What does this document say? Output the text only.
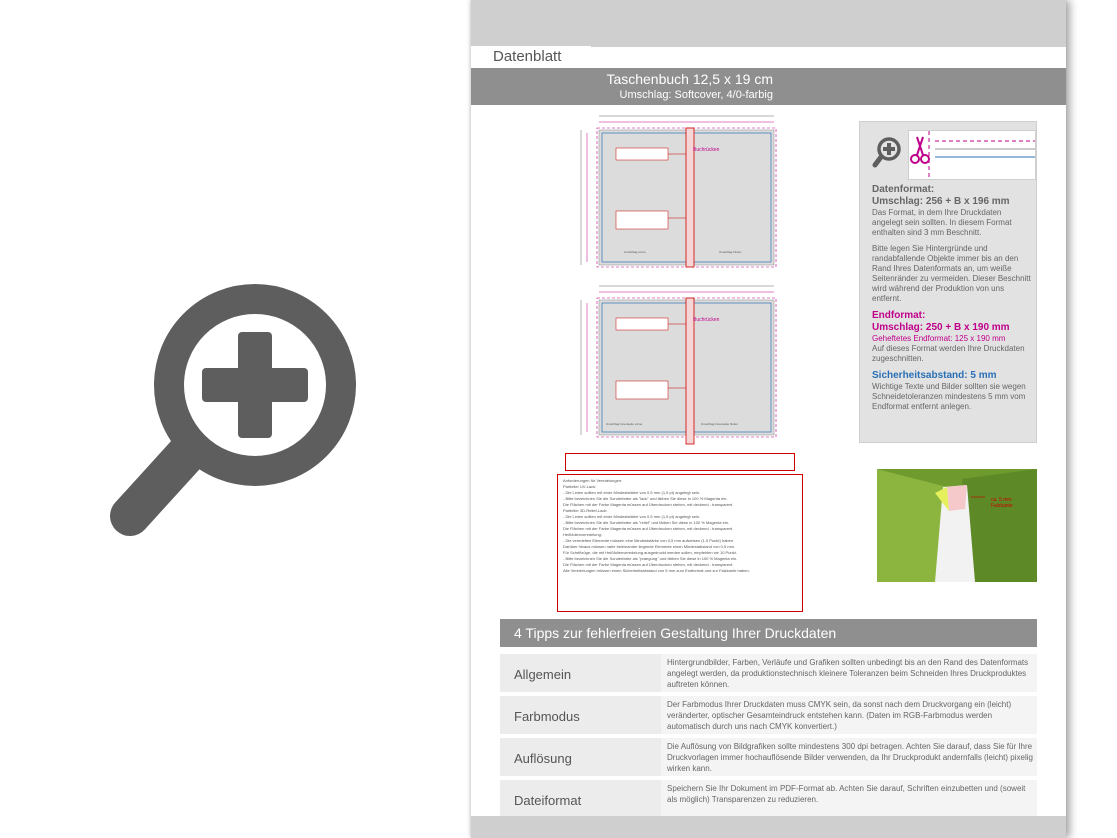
Datenblatt
Taschenbuch 12,5 x 19 cm
Umschlag: Softcover, 4/0-farbig
Buchrücken
Umschlag vorne	Umschlag hinten
Buchrücken
Umschlag Innenseite vorne	Umschlag Innenseite hinten
Anforderungen für Veredelungen:
Partieller UV-Lack:
- Die Linien sollten mit einer Mindeststärke von 0,5 mm (1,5 pt) angelegt sein.
- Bitte bezeichnen Sie die Sonderfarbe als "lack" und färben Sie diese in 100 % Magenta ein.
Die Flächen mit der Farbe Magenta müssen auf Überdrucken stehen, mit deckend - transparent
Partieller 3D-Relief-Lack:
- Die Linien sollten mit einer Mindeststärke von 0,5 mm (1,5 pt) angelegt sein.
- Bitte bezeichnen Sie die Sonderfarbe als "relief" und färben Sie diese in 100 % Magenta ein.
Die Flächen mit der Farbe Magenta müssen auf Überdrucken stehen, mit deckend - transparent
Heißfolienveredelung:
- Die veredelten Elemente müssen eine Mindeststärke von 0,5 mm aufweisen (1,5 Punkt) haben.
Darüber hinaus müssen nahe beieinander liegende Elemente einen Mindestabstand von 0,5 mm.
Für Schriftzüge, die mit Heißfolienveredelung ausgedruckt werden sollen, empfehlen wir 10 Punkt.
- Bitte bezeichnen Sie die Sonderfarbe als "praegung" und färben Sie diese in 100 % Magenta ein.
Die Flächen mit der Farbe Magenta müssen auf Überdrucken stehen, mit deckend - transparent
Alle Veredelungen müssen einen Sicherheitsabstand von 5 mm zum Endformat und zur Falzkante haben.
Datenformat:
Umschlag: 256 + B x 196 mm
Das Format, in dem Ihre Druckdaten angelegt sein sollten. In diesem Format enthalten sind 3 mm Beschnitt.

Bitte legen Sie Hintergründe und randabfallende Objekte immer bis an den Rand Ihres Datenformats an, um weiße Seitenränder zu vermeiden. Dieser Beschnitt wird während der Produktion von uns entfernt.

Endformat:

Umschlag: 250 + B x 190 mm
Geheftetes Endformat: 125 x 190 mm
Auf dieses Format werden Ihre Druckdaten zugeschnitten.

Sicherheitsabstand: 5 mm

Wichtige Texte und Bilder sollten sie wegen Schneidetoleranzen mindestens 5 mm vom Endformat entfernt anlegen.
ca. 5 mm Falzkante
4 Tipps zur fehlerfreien Gestaltung Ihrer Druckdaten
Allgemein
Hintergrundbilder, Farben, Verläufe und Grafiken sollten unbedingt bis an den Rand des Datenformats angelegt werden, da produktionstechnisch kleinere Toleranzen beim Schneiden Ihres Druckproduktes auftreten können.
Farbmodus
Der Farbmodus Ihrer Druckdaten muss CMYK sein, da sonst nach dem Druckvorgang ein (leicht) veränderter, optischer Gesamteindruck entstehen kann. (Daten im RGB-Farbmodus werden automatisch durch uns nach CMYK konvertiert.)
Auflösung
Die Auflösung von Bildgrafiken sollte mindestens 300 dpi betragen. Achten Sie darauf, dass Sie für Ihre Druckvorlagen immer hochauflösende Bilder verwenden, da Ihr Druckprodukt andernfalls (leicht) pixelig wirken kann.
Dateiformat
Speichern Sie Ihr Dokument im PDF-Format ab. Achten Sie darauf, Schriften einzubetten und (soweit als möglich) Transparenzen zu reduzieren.
